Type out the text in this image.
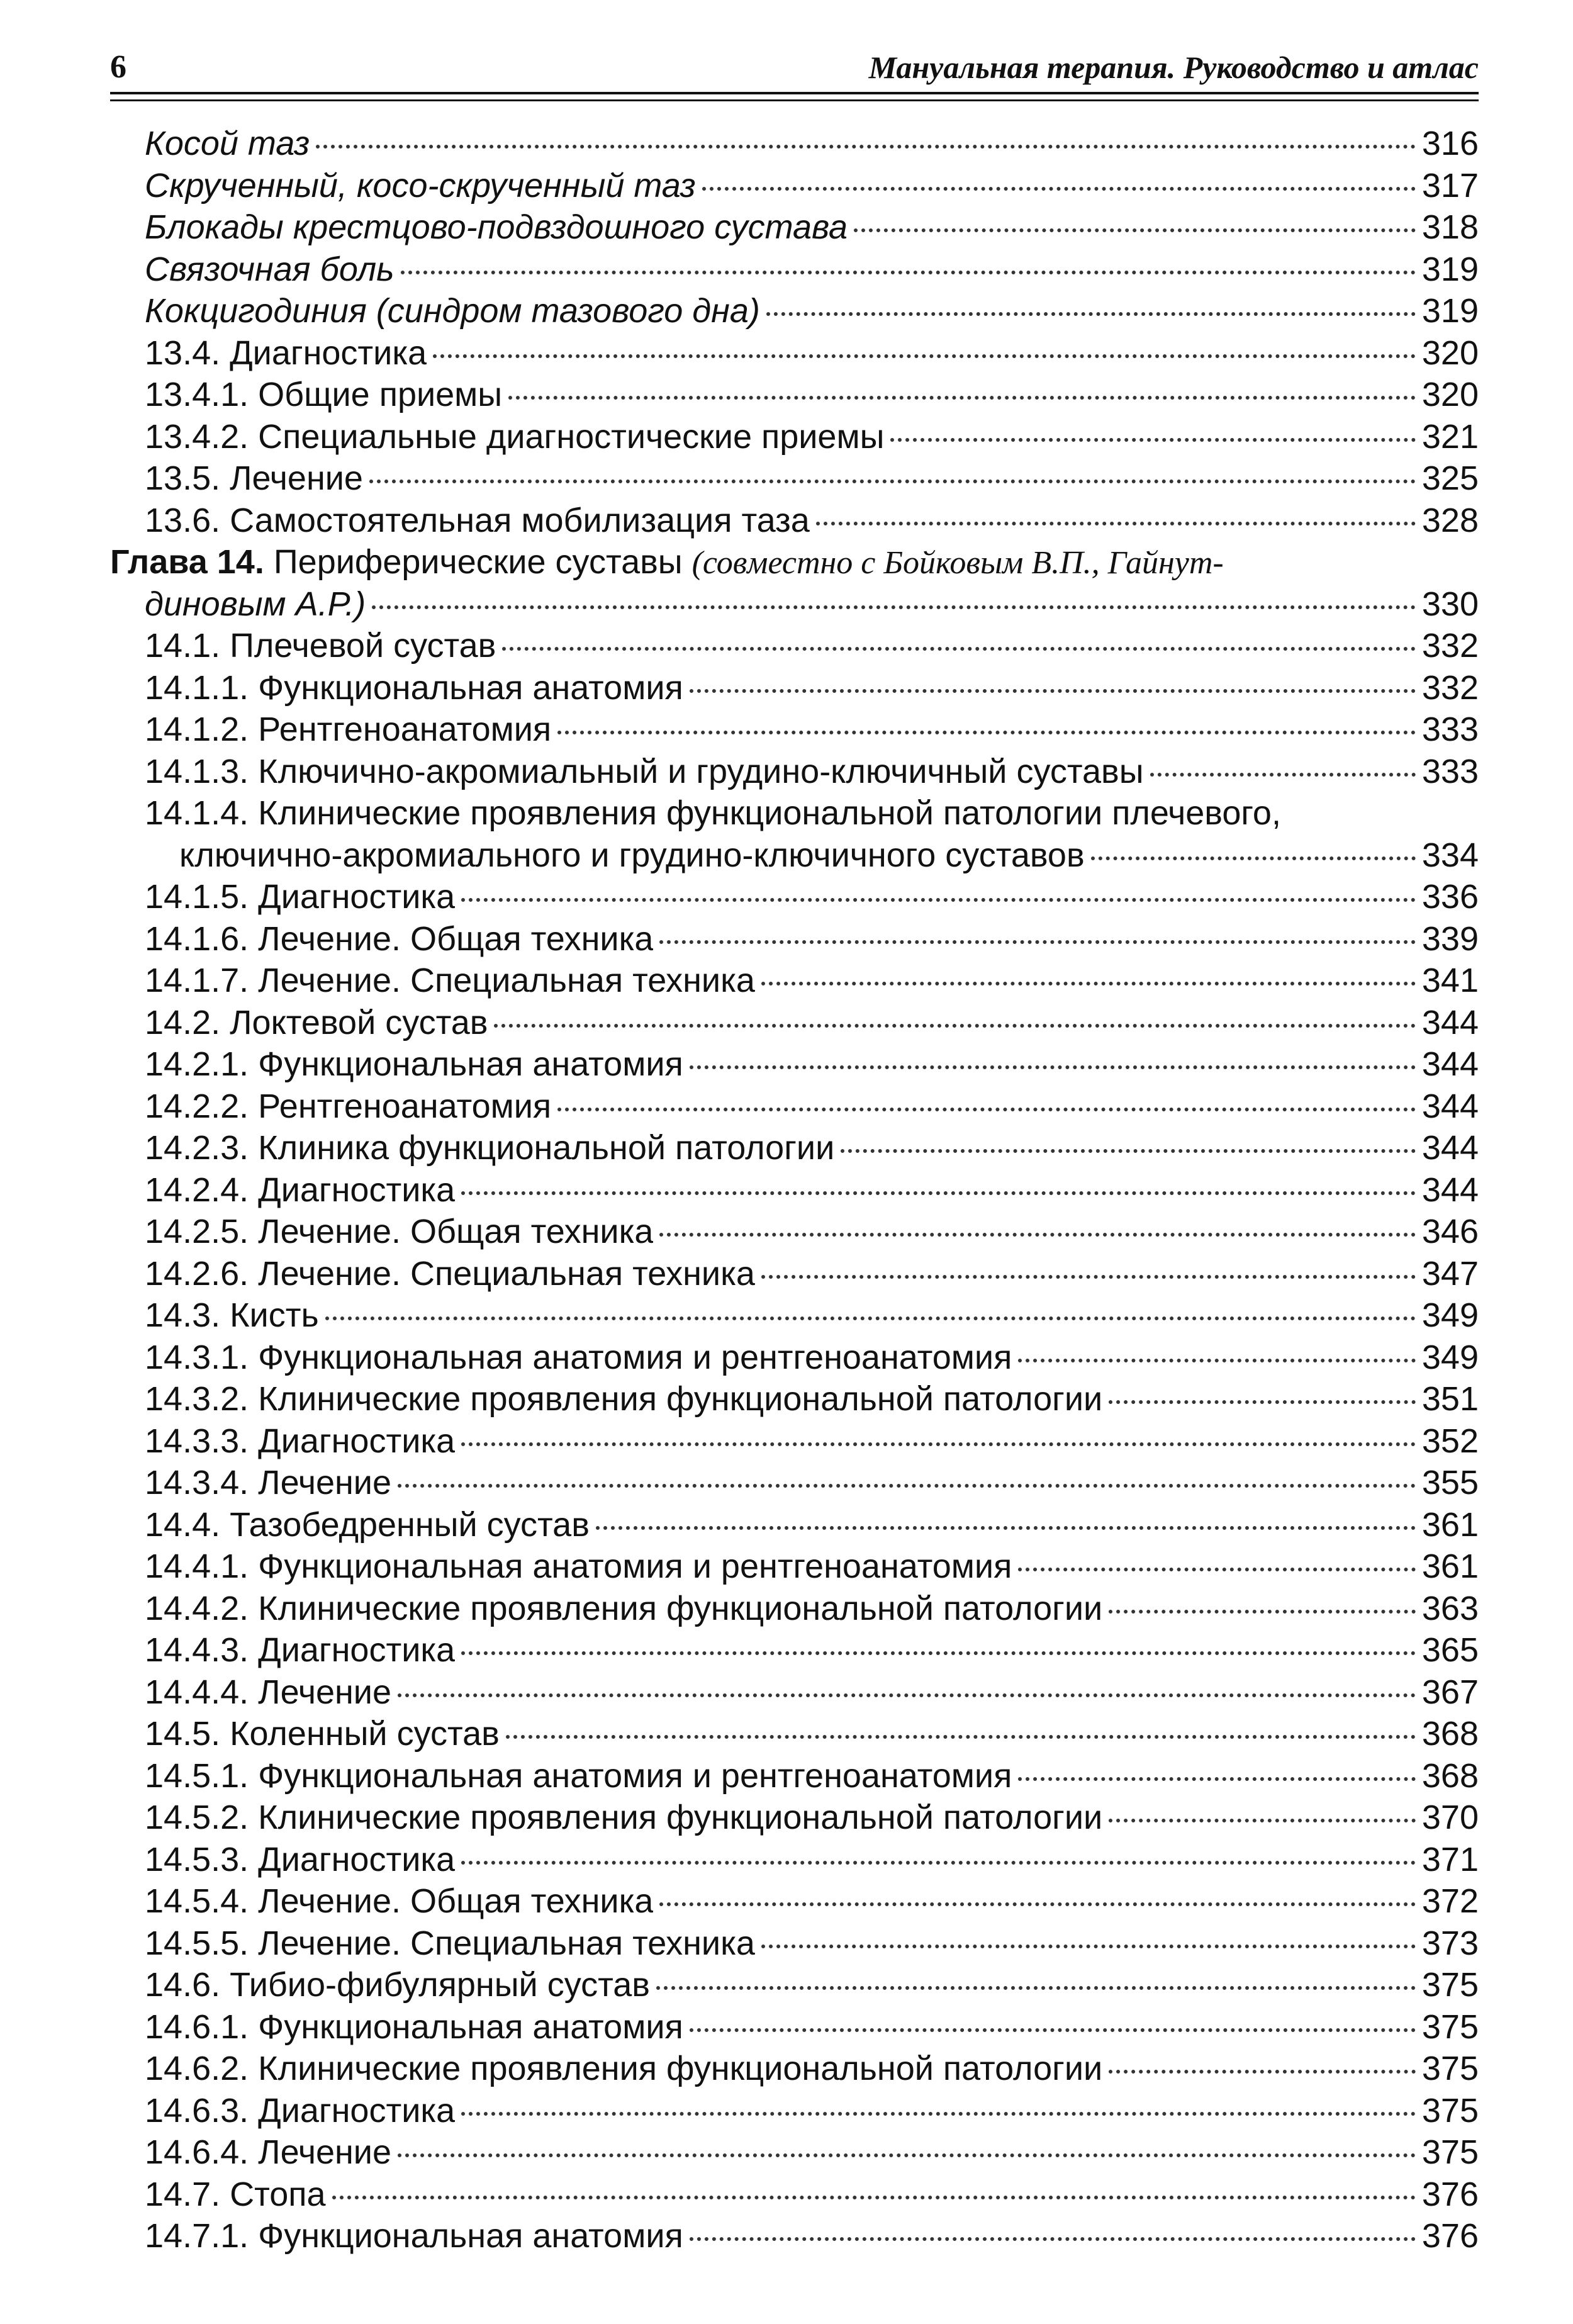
6	Мануальная терапия. Руководство и атлас
Косой таз	316
Скрученный, косо-скрученный таз	317
Блокады крестцово-подвздошного сустава	318
Связочная боль	319
Кокцигодиния (синдром тазового дна)	319
13.4. Диагностика	320
13.4.1. Общие приемы	320
13.4.2. Специальные диагностические приемы	321
13.5. Лечение	325
13.6. Самостоятельная мобилизация таза	328
Глава 14. Периферические суставы (совместно с Бойковым В.П., Гайнут-
диновым А.Р.)	330
14.1. Плечевой сустав	332
14.1.1. Функциональная анатомия	332
14.1.2. Рентгеноанатомия	333
14.1.3. Ключично-акромиальный и грудино-ключичный суставы	333
14.1.4. Клинические проявления функциональной патологии плечевого,
ключично-акромиального и грудино-ключичного суставов	334
14.1.5. Диагностика	336
14.1.6. Лечение. Общая техника	339
14.1.7. Лечение. Специальная техника	341
14.2. Локтевой сустав	344
14.2.1. Функциональная анатомия	344
14.2.2. Рентгеноанатомия	344
14.2.3. Клиника функциональной патологии	344
14.2.4. Диагностика	344
14.2.5. Лечение. Общая техника	346
14.2.6. Лечение. Специальная техника	347
14.3. Кисть	349
14.3.1. Функциональная анатомия и рентгеноанатомия	349
14.3.2. Клинические проявления функциональной патологии	351
14.3.3. Диагностика	352
14.3.4. Лечение	355
14.4. Тазобедренный сустав	361
14.4.1. Функциональная анатомия и рентгеноанатомия	361
14.4.2. Клинические проявления функциональной патологии	363
14.4.3. Диагностика	365
14.4.4. Лечение	367
14.5. Коленный сустав	368
14.5.1. Функциональная анатомия и рентгеноанатомия	368
14.5.2. Клинические проявления функциональной патологии	370
14.5.3. Диагностика	371
14.5.4. Лечение. Общая техника	372
14.5.5. Лечение. Специальная техника	373
14.6. Тибио-фибулярный сустав	375
14.6.1. Функциональная анатомия	375
14.6.2. Клинические проявления функциональной патологии	375
14.6.3. Диагностика	375
14.6.4. Лечение	375
14.7. Стопа	376
14.7.1. Функциональная анатомия	376
